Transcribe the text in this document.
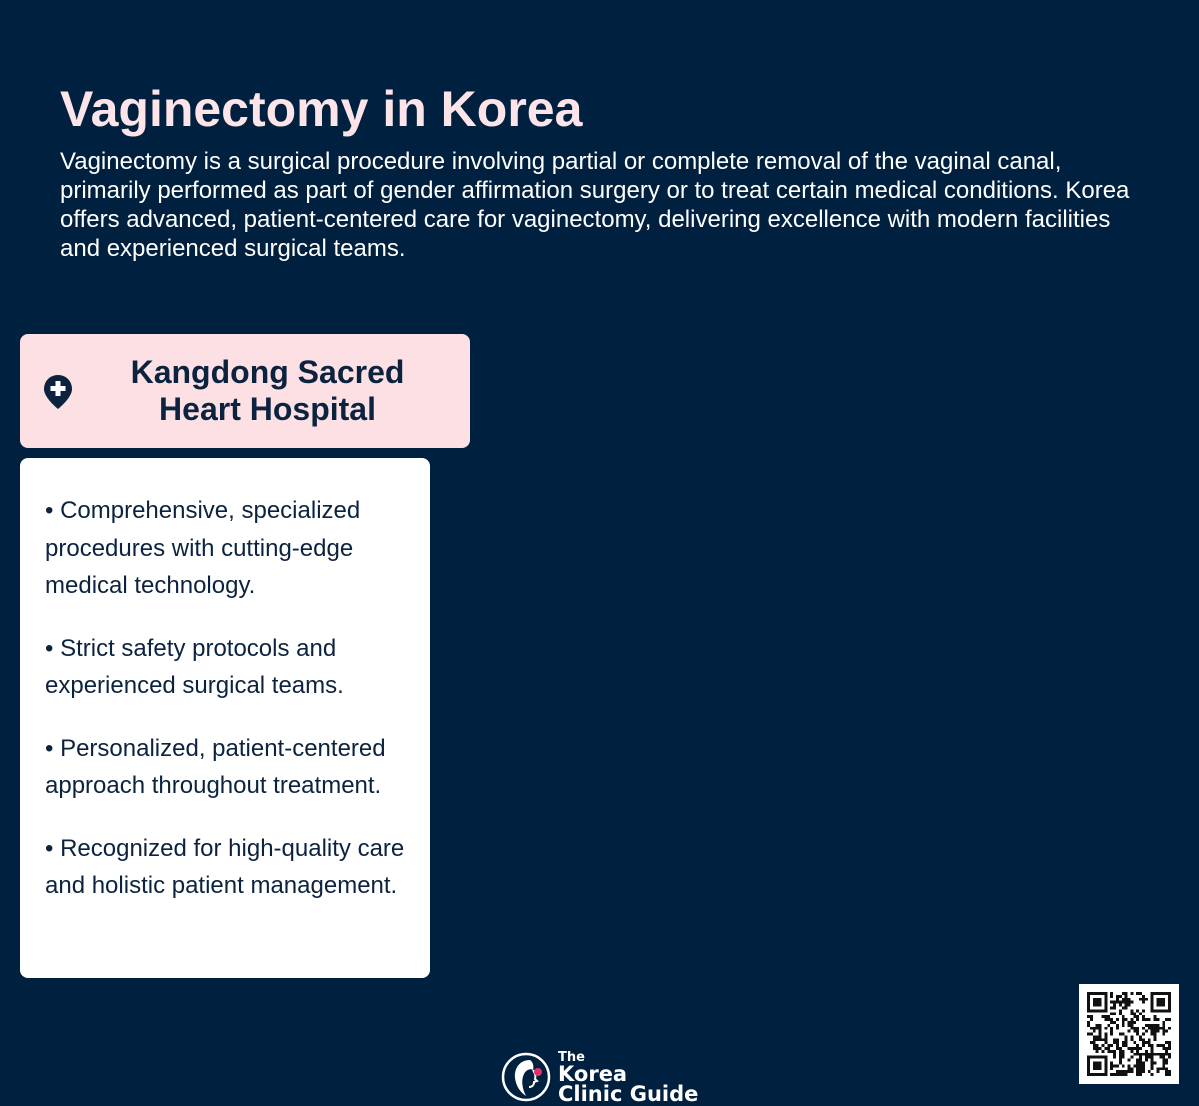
Vaginectomy in Korea

Vaginectomy is a surgical procedure involving partial or complete removal of the vaginal canal, primarily performed as part of gender affirmation surgery or to treat certain medical conditions. Korea offers advanced, patient-centered care for vaginectomy, delivering excellence with modern facilities and experienced surgical teams.

Kangdong Sacred Heart Hospital

• Comprehensive, specialized procedures with cutting-edge medical technology.

• Strict safety protocols and experienced surgical teams.

• Personalized, patient-centered approach throughout treatment.

• Recognized for high-quality care and holistic patient management.

The
Korea
Clinic Guide
